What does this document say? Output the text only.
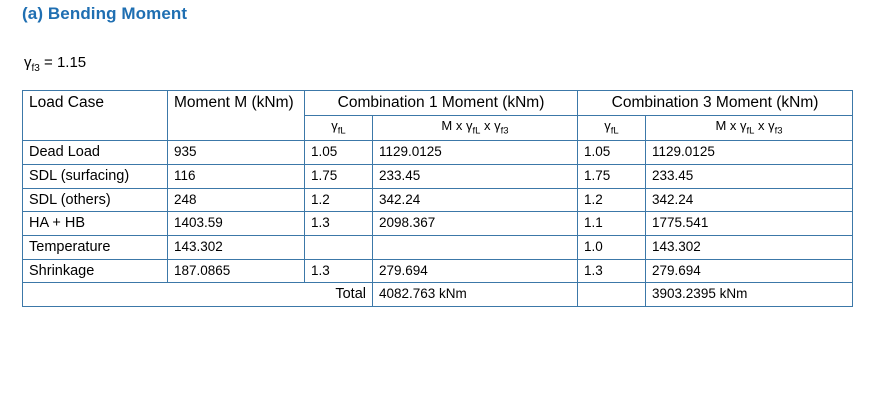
(a) Bending Moment
$\gamma_{f3} = 1.15$
Load Case	Moment M (kNm)	Combination 1 Moment (kNm)		Combination 3 Moment (kNm)	
		$\gamma_{fL}$	M x $\gamma_{fL}$ x $\gamma_{f3}$	$\gamma_{fL}$	M x $\gamma_{fL}$ x $\gamma_{f3}$
Dead Load	935	1.05	1129.0125	1.05	1129.0125
SDL (surfacing)	116	1.75	233.45	1.75	233.45
SDL (others)	248	1.2	342.24	1.2	342.24
HA + HB	1403.59	1.3	2098.367	1.1	1775.541
Temperature	143.302			1.0	143.302
Shrinkage	187.0865	1.3	279.694	1.3	279.694
		Total	4082.763 kNm		3903.2395 kNm
